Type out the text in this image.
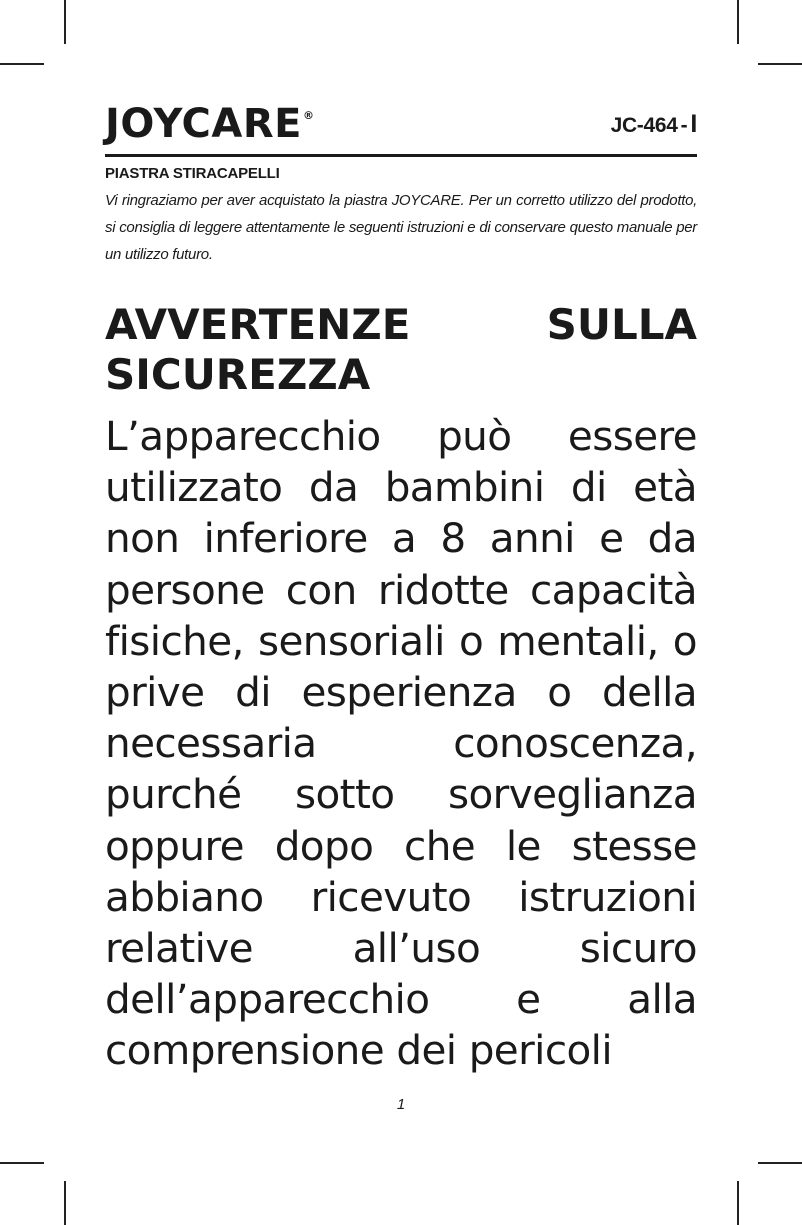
JOYCARE®	JC-464 - I
PIASTRA STIRACAPELLI
Vi ringraziamo per aver acquistato la piastra JOYCARE. Per un corretto utilizzo del prodotto, si consiglia di leggere attentamente le seguenti istruzioni e di conservare questo manuale per un utilizzo futuro.
AVVERTENZE SULLA SICUREZZA
L’apparecchio può essere utilizzato da bambini di età non inferiore a 8 anni e da persone con ridotte capacità fisiche, sensoriali o mentali, o prive di esperienza o della necessaria conoscenza, purché sotto sorveglianza oppure dopo che le stesse abbiano ricevuto istruzioni relative all’uso sicuro dell’apparecchio e alla comprensione dei pericoli
1
